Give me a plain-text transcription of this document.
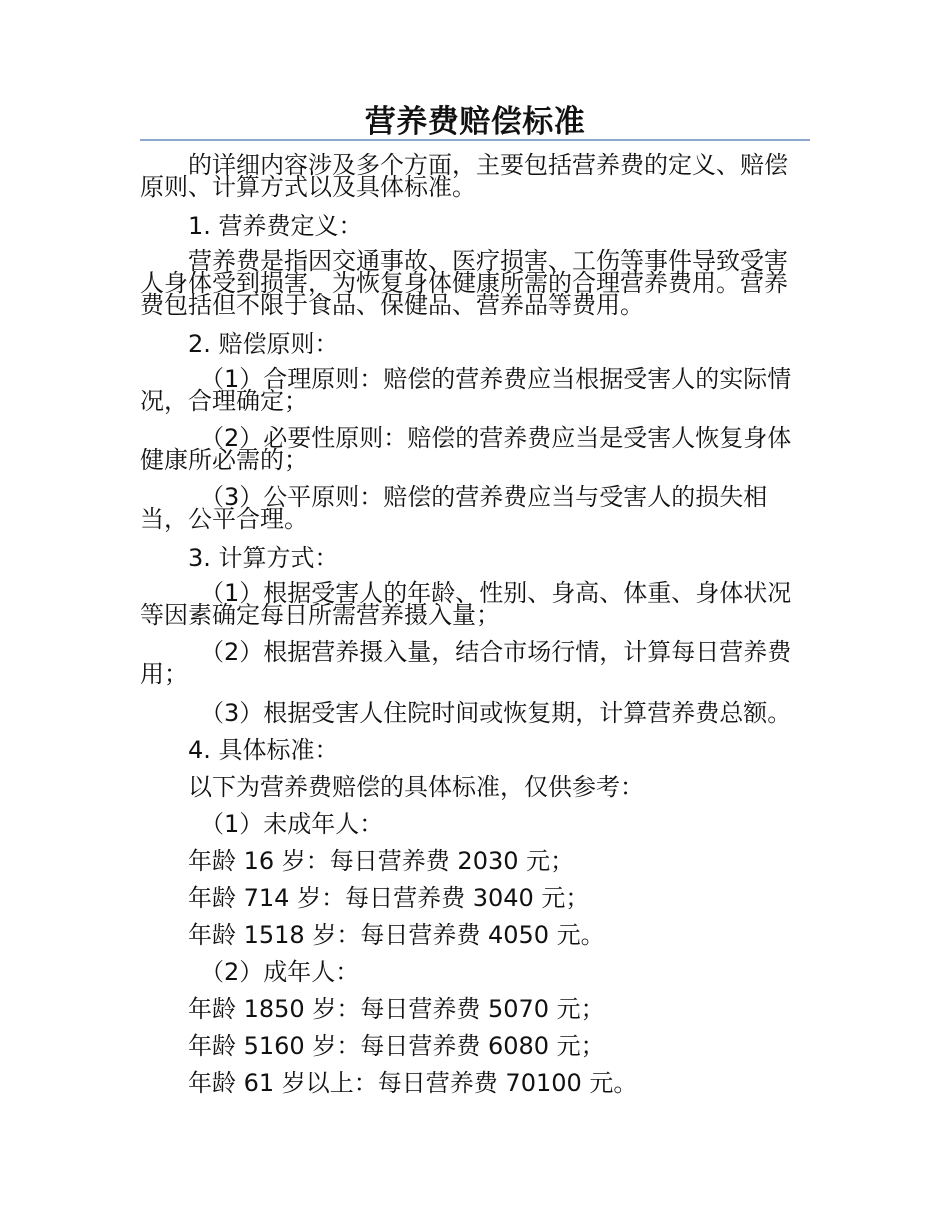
营养费赔偿标准

的详细内容涉及多个方面，主要包括营养费的定义、赔偿原则、计算方式以及具体标准。

1. 营养费定义：

营养费是指因交通事故、医疗损害、工伤等事件导致受害人身体受到损害，为恢复身体健康所需的合理营养费用。营养费包括但不限于食品、保健品、营养品等费用。

2. 赔偿原则：

（1）合理原则：赔偿的营养费应当根据受害人的实际情况，合理确定；

（2）必要性原则：赔偿的营养费应当是受害人恢复身体健康所必需的；

（3）公平原则：赔偿的营养费应当与受害人的损失相当，公平合理。

3. 计算方式：

（1）根据受害人的年龄、性别、身高、体重、身体状况等因素确定每日所需营养摄入量；

（2）根据营养摄入量，结合市场行情，计算每日营养费用；

（3）根据受害人住院时间或恢复期，计算营养费总额。

4. 具体标准：

以下为营养费赔偿的具体标准，仅供参考：

（1）未成年人：

年龄 16 岁：每日营养费 2030 元；

年龄 714 岁：每日营养费 3040 元；

年龄 1518 岁：每日营养费 4050 元。

（2）成年人：

年龄 1850 岁：每日营养费 5070 元；

年龄 5160 岁：每日营养费 6080 元；

年龄 61 岁以上：每日营养费 70100 元。
